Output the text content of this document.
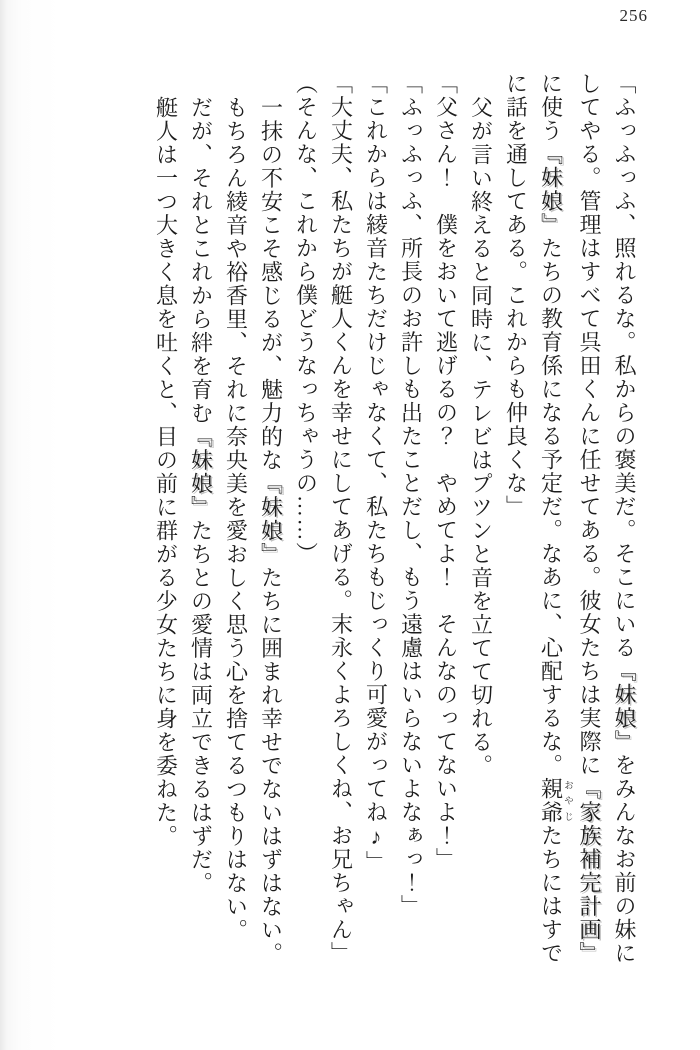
256

「ふっふっふ、照れるな。私からの褒美だ。そこにいる『妹娘』をみんなお前の妹に

してやる。管理はすべて呉田くんに任せてある。彼女たちは実際に『家族補完計画』

に使う『妹娘』たちの教育係になる予定だ。なあに、心配するな。親爺おやじたちにはすで

に話を通してある。これからも仲良くな」

父が言い終えると同時に、テレビはプツンと音を立てて切れる。

「父さん！　僕をおいて逃げるの？　やめてよ！　そんなのってないよ！」

「ふっふっふ、所長のお許しも出たことだし、もう遠慮はいらないよなぁっ！」

「これからは綾音たちだけじゃなくて、私たちもじっくり可愛がってね♪」

「大丈夫、私たちが艇人くんを幸せにしてあげる。末永くよろしくね、お兄ちゃん」

（そんな、これから僕どうなっちゃうの……）

一抹の不安こそ感じるが、魅力的な『妹娘』たちに囲まれ幸せでないはずはない。

もちろん綾音や裕香里、それに奈央美を愛おしく思う心を捨てるつもりはない。

だが、それとこれから絆を育む『妹娘』たちとの愛情は両立できるはずだ。

艇人は一つ大きく息を吐くと、目の前に群がる少女たちに身を委ねた。
